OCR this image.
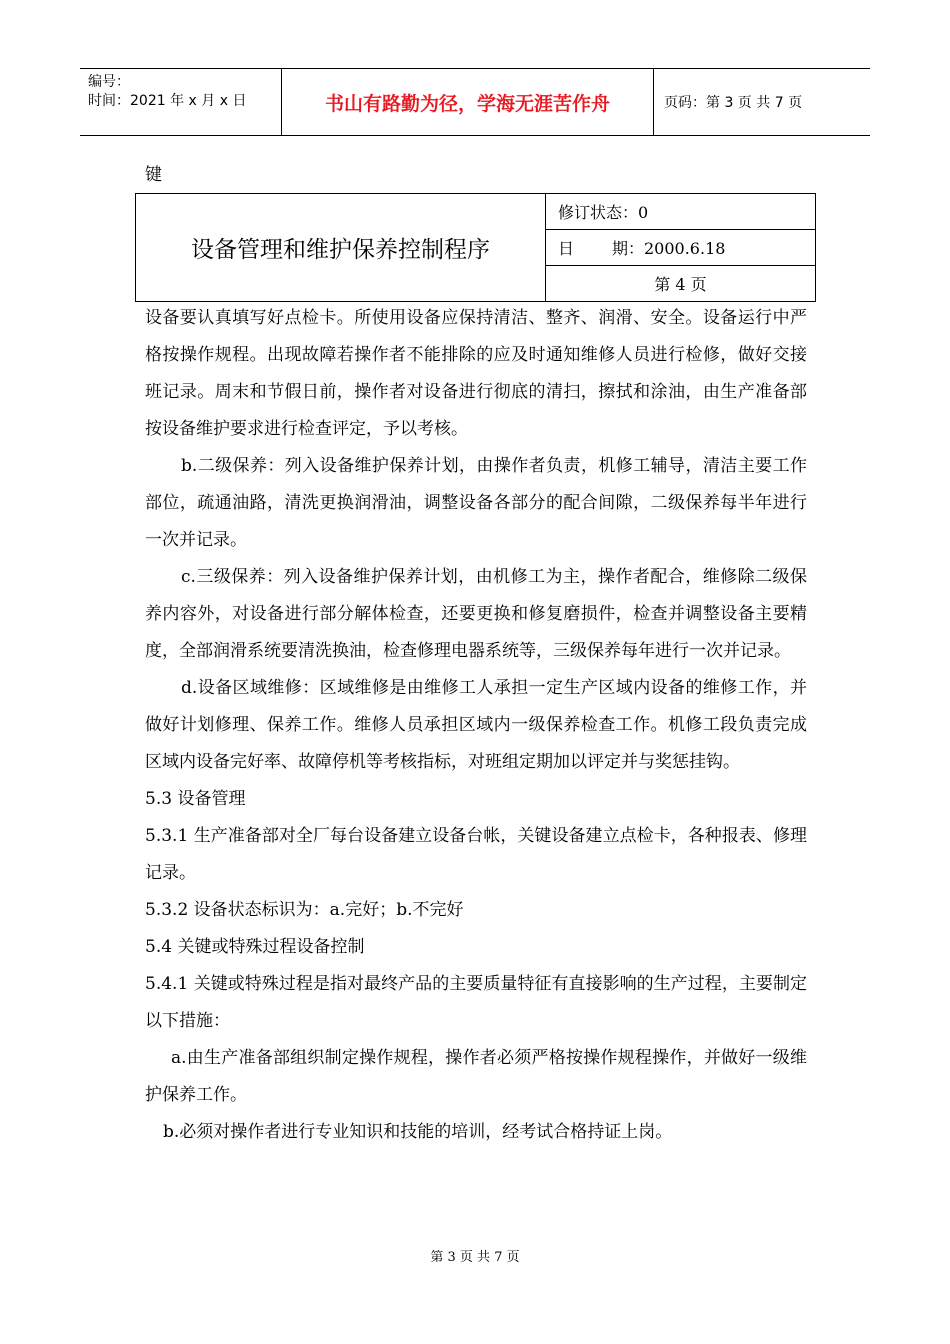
编号：
时间：2021 年 x 月 x 日	书山有路勤为径，学海无涯苦作舟	页码：第 3 页 共 7 页
键
设备管理和维护保养控制程序
修订状态：0
日	期：2000.6.18
第 4 页

设备要认真填写好点检卡。所使用设备应保持清洁、整齐、润滑、安全。设备运行中严格按操作规程。出现故障若操作者不能排除的应及时通知维修人员进行检修，做好交接班记录。周末和节假日前，操作者对设备进行彻底的清扫，擦拭和涂油，由生产准备部按设备维护要求进行检查评定，予以考核。

b.二级保养：列入设备维护保养计划，由操作者负责，机修工辅导，清洁主要工作部位，疏通油路，清洗更换润滑油，调整设备各部分的配合间隙，二级保养每半年进行一次并记录。

c.三级保养：列入设备维护保养计划，由机修工为主，操作者配合，维修除二级保养内容外，对设备进行部分解体检查，还要更换和修复磨损件，检查并调整设备主要精度，全部润滑系统要清洗换油，检查修理电器系统等，三级保养每年进行一次并记录。

d.设备区域维修：区域维修是由维修工人承担一定生产区域内设备的维修工作，并做好计划修理、保养工作。维修人员承担区域内一级保养检查工作。机修工段负责完成区域内设备完好率、故障停机等考核指标，对班组定期加以评定并与奖惩挂钩。

5.3 设备管理

5.3.1 生产准备部对全厂每台设备建立设备台帐，关键设备建立点检卡，各种报表、修理记录。

5.3.2 设备状态标识为：a.完好；b.不完好

5.4 关键或特殊过程设备控制

5.4.1 关键或特殊过程是指对最终产品的主要质量特征有直接影响的生产过程，主要制定以下措施：

a.由生产准备部组织制定操作规程，操作者必须严格按操作规程操作，并做好一级维护保养工作。

b.必须对操作者进行专业知识和技能的培训，经考试合格持证上岗。

第 3 页 共 7 页
